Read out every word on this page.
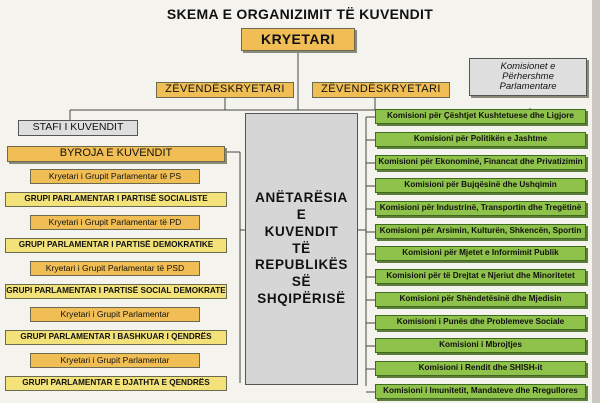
SKEMA E ORGANIZIMIT TË KUVENDIT
KRYETARI
ZËVENDËSKRYETARI	ZËVENDËSKRYETARI
Komisionet e Përhershme Parlamentare
STAFI I KUVENDIT
BYROJA E KUVENDIT
ANËTARËSIA
E
KUVENDIT
TË
REPUBLIKËS
SË
SHQIPËRISË
Kryetari i Grupit Parlamentar të PS
GRUPI PARLAMENTAR I PARTISË SOCIALISTE
Kryetari i Grupit Parlamentar të PD
GRUPI PARLAMENTAR I PARTISË DEMOKRATIKE
Kryetari i Grupit Parlamentar të PSD
GRUPI PARLAMENTAR I PARTISË SOCIAL DEMOKRATE
Kryetari i Grupit Parlamentar
GRUPI PARLAMENTAR I BASHKUAR I QENDRËS
Kryetari i Grupit Parlamentar
GRUPI PARLAMENTAR E DJATHTA E QENDRËS
Komisioni për Çështjet Kushtetuese dhe Ligjore
Komisioni për Politikën e Jashtme
Komisioni për Ekonominë, Financat dhe Privatizimin
Komisioni për Bujqësinë dhe Ushqimin
Komisioni për Industrinë, Transportin dhe Tregëtinë
Komisioni për Arsimin, Kulturën, Shkencën, Sportin
Komisioni për Mjetet e Informimit Publik
Komisioni për të Drejtat e Njeriut dhe Minoritetet
Komisioni për Shëndetësinë dhe Mjedisin
Komisioni i Punës dhe Problemeve Sociale
Komisioni i Mbrojtjes
Komisioni i Rendit dhe SHISH-it
Komisioni i Imunitetit, Mandateve dhe Rregullores
